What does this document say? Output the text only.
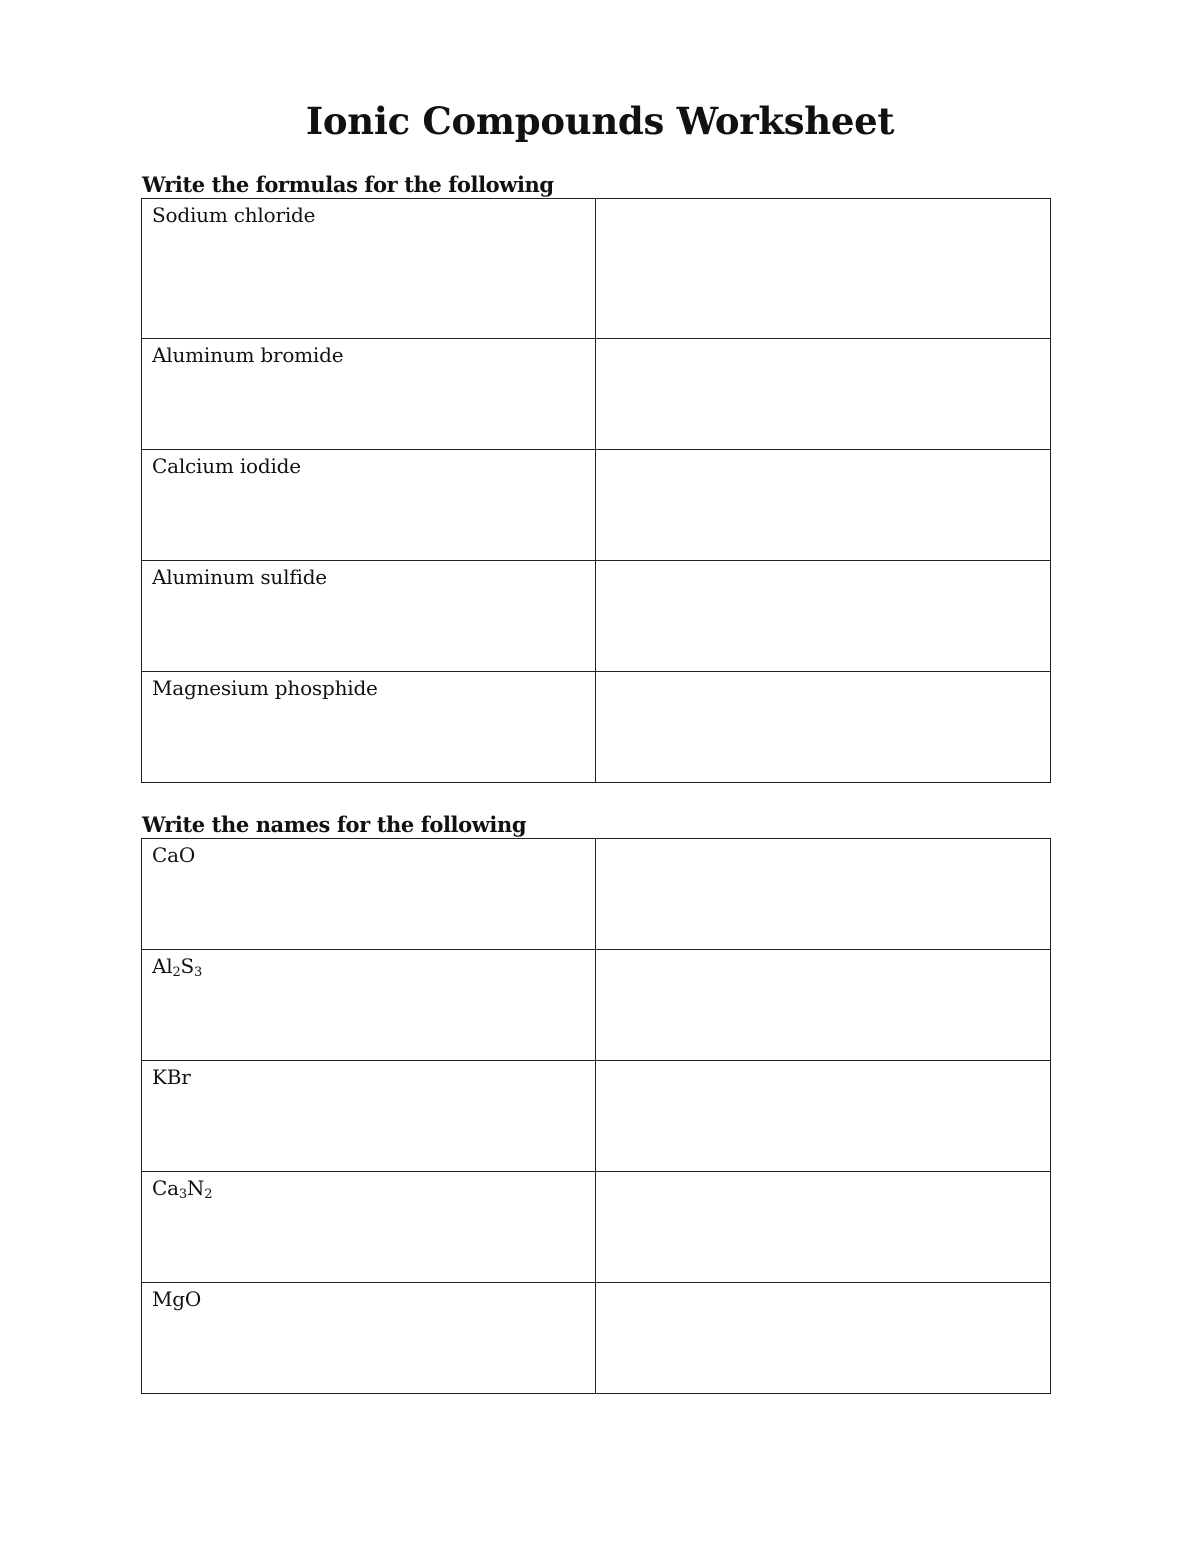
Ionic Compounds Worksheet
Write the formulas for the following
Sodium chloride	
Aluminum bromide	
Calcium iodide	
Aluminum sulfide	
Magnesium phosphide	
Write the names for the following
CaO	
$Al_2S_3$	
KBr	
$Ca_3N_2$	
MgO	
